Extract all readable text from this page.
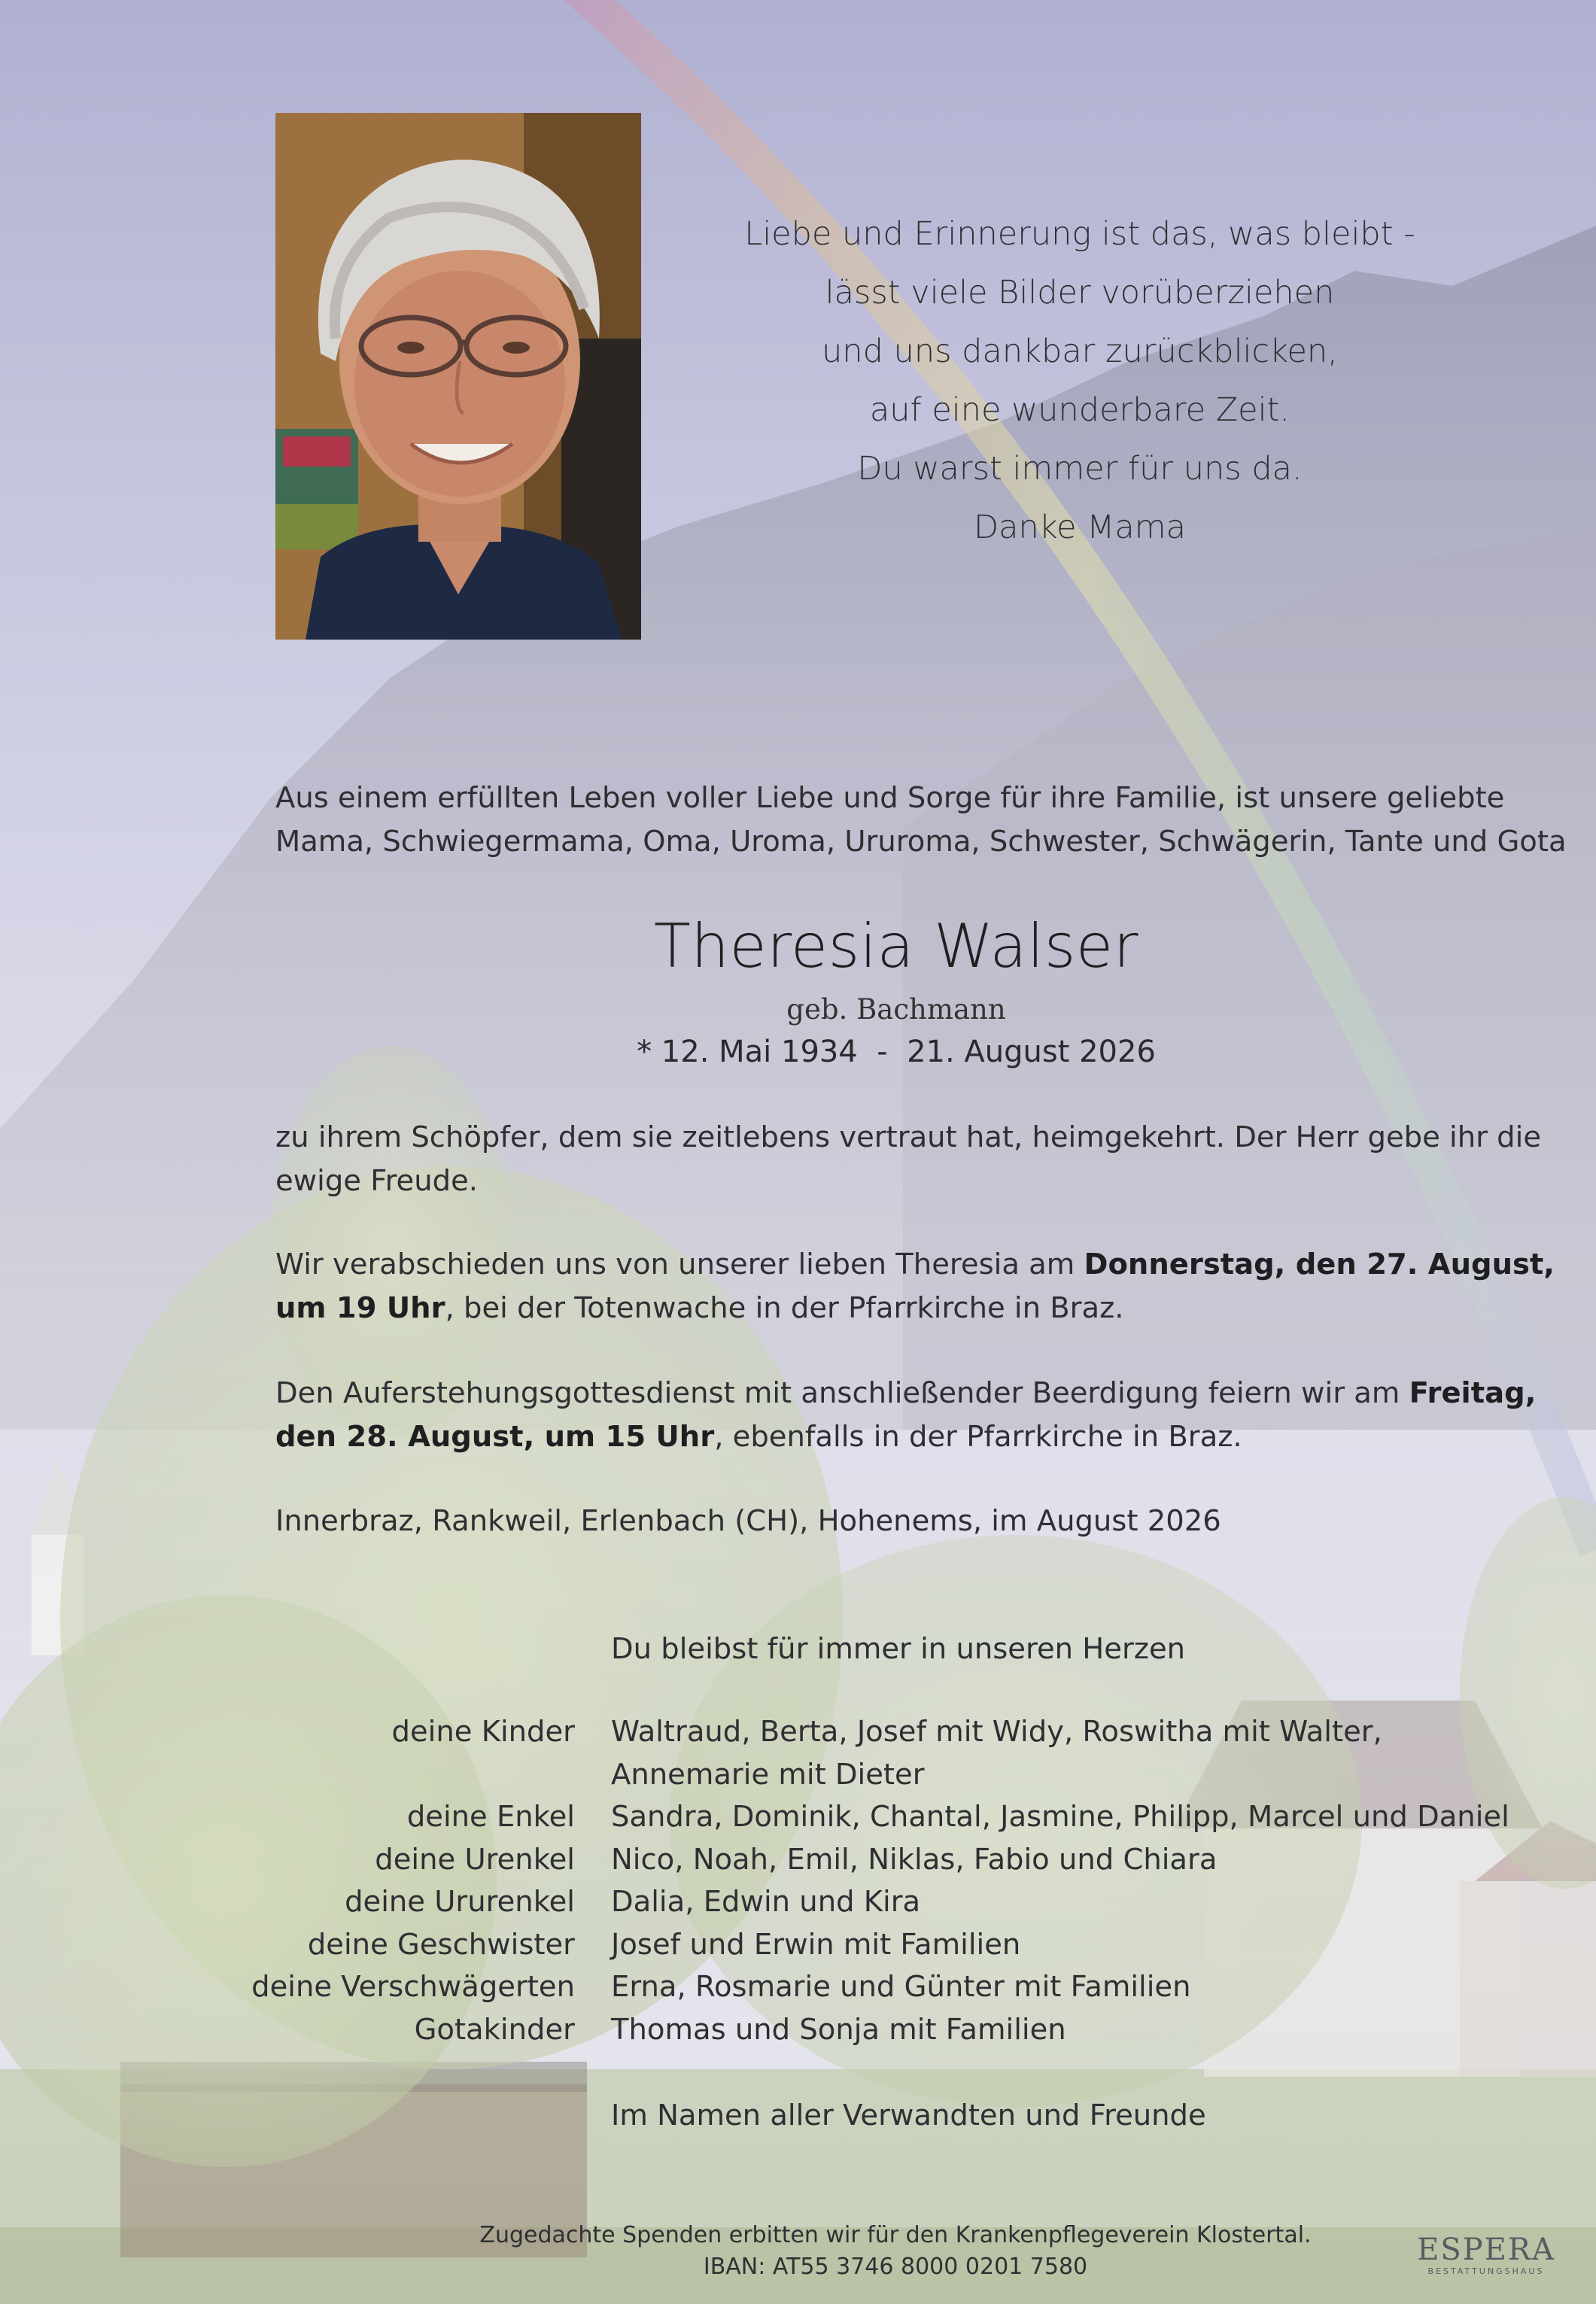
Liebe und Erinnerung ist das, was bleibt -
lässt viele Bilder vorüberziehen
und uns dankbar zurückblicken,
auf eine wunderbare Zeit.
Du warst immer für uns da.
Danke Mama
Aus einem erfüllten Leben voller Liebe und Sorge für ihre Familie, ist unsere geliebte
Mama, Schwiegermama, Oma, Uroma, Ururoma, Schwester, Schwägerin, Tante und Gota
Theresia Walser
geb. Bachmann
* 12. Mai 1934  -  21. August 2026
zu ihrem Schöpfer, dem sie zeitlebens vertraut hat, heimgekehrt. Der Herr gebe ihr die
ewige Freude.
Wir verabschieden uns von unserer lieben Theresia am Donnerstag, den 27. August,
um 19 Uhr, bei der Totenwache in der Pfarrkirche in Braz.
Den Auferstehungsgottesdienst mit anschließender Beerdigung feiern wir am Freitag,
den 28. August, um 15 Uhr, ebenfalls in der Pfarrkirche in Braz.
Innerbraz, Rankweil, Erlenbach (CH), Hohenems, im August 2026
Du bleibst für immer in unseren Herzen
deine Kinder	Waltraud, Berta, Josef mit Widy, Roswitha mit Walter,
Annemarie mit Dieter
deine Enkel	Sandra, Dominik, Chantal, Jasmine, Philipp, Marcel und Daniel
deine Urenkel	Nico, Noah, Emil, Niklas, Fabio und Chiara
deine Ururenkel	Dalia, Edwin und Kira
deine Geschwister	Josef und Erwin mit Familien
deine Verschwägerten	Erna, Rosmarie und Günter mit Familien
Gotakinder	Thomas und Sonja mit Familien
Im Namen aller Verwandten und Freunde
Zugedachte Spenden erbitten wir für den Krankenpflegeverein Klostertal.
IBAN: AT55 3746 8000 0201 7580	ESPERA
BESTATTUNGSHAUS
